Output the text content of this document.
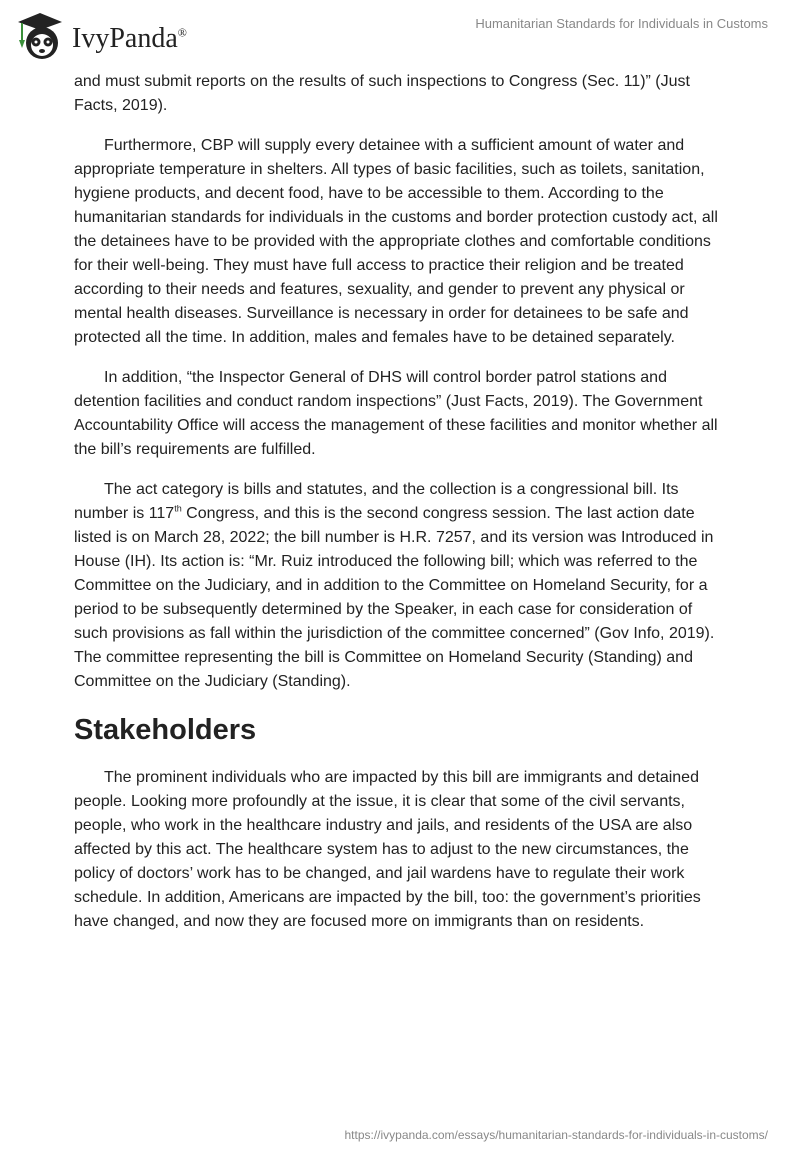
IvyPanda®
Humanitarian Standards for Individuals in Customs

and must submit reports on the results of such inspections to Congress (Sec. 11)” (Just Facts, 2019).

Furthermore, CBP will supply every detainee with a sufficient amount of water and appropriate temperature in shelters. All types of basic facilities, such as toilets, sanitation, hygiene products, and decent food, have to be accessible to them. According to the humanitarian standards for individuals in the customs and border protection custody act, all the detainees have to be provided with the appropriate clothes and comfortable conditions for their well-being. They must have full access to practice their religion and be treated according to their needs and features, sexuality, and gender to prevent any physical or mental health diseases. Surveillance is necessary in order for detainees to be safe and protected all the time. In addition, males and females have to be detained separately.

In addition, “the Inspector General of DHS will control border patrol stations and detention facilities and conduct random inspections” (Just Facts, 2019). The Government Accountability Office will access the management of these facilities and monitor whether all the bill’s requirements are fulfilled.

The act category is bills and statutes, and the collection is a congressional bill. Its number is 117th Congress, and this is the second congress session. The last action date listed is on March 28, 2022; the bill number is H.R. 7257, and its version was Introduced in House (IH). Its action is: “Mr. Ruiz introduced the following bill; which was referred to the Committee on the Judiciary, and in addition to the Committee on Homeland Security, for a period to be subsequently determined by the Speaker, in each case for consideration of such provisions as fall within the jurisdiction of the committee concerned” (Gov Info, 2019). The committee representing the bill is Committee on Homeland Security (Standing) and Committee on the Judiciary (Standing).

Stakeholders

The prominent individuals who are impacted by this bill are immigrants and detained people. Looking more profoundly at the issue, it is clear that some of the civil servants, people, who work in the healthcare industry and jails, and residents of the USA are also affected by this act. The healthcare system has to adjust to the new circumstances, the policy of doctors’ work has to be changed, and jail wardens have to regulate their work schedule. In addition, Americans are impacted by the bill, too: the government’s priorities have changed, and now they are focused more on immigrants than on residents.

https://ivypanda.com/essays/humanitarian-standards-for-individuals-in-customs/
